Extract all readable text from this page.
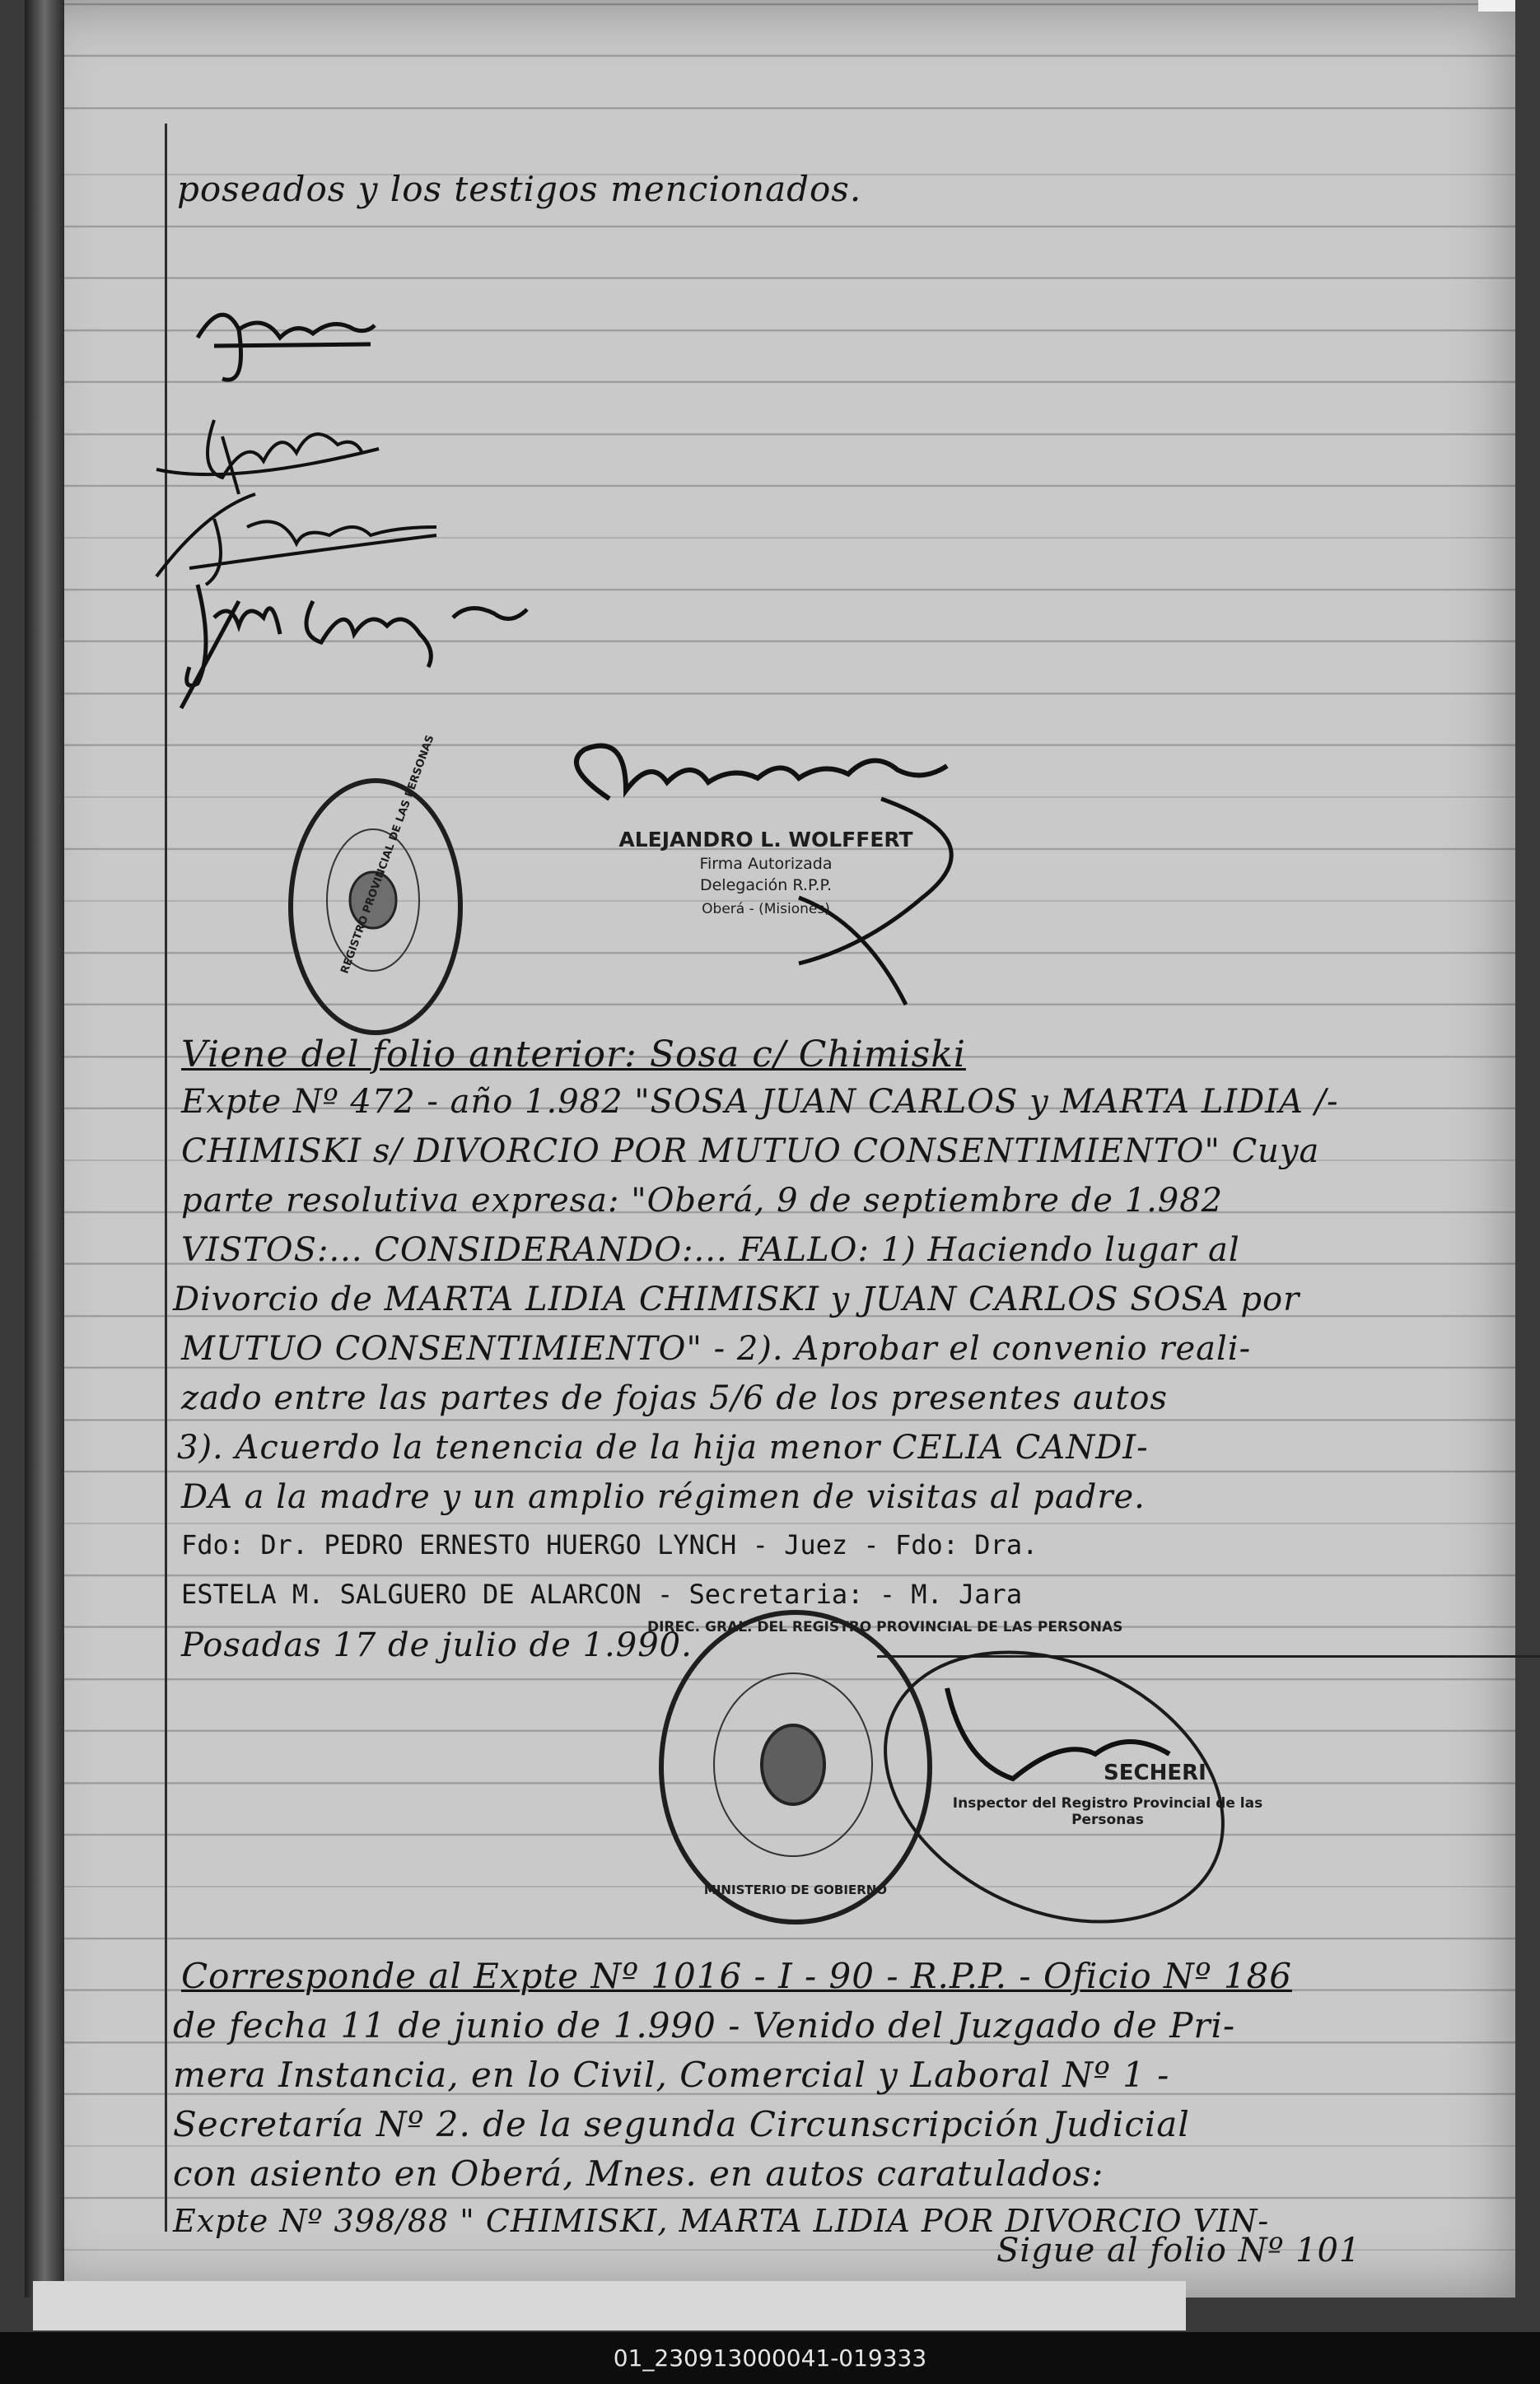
poseados y los testigos mencionados.
REGISTRO PROVINCIAL DE LAS PERSONAS	ALEJANDRO L. WOLFFERT
Firma Autorizada
Delegación R.P.P.
Oberá - (Misiones)
Viene del folio anterior: Sosa c/ Chimiski
Expte Nº 472 - año 1.982 "SOSA JUAN CARLOS y MARTA LIDIA /-
CHIMISKI s/ DIVORCIO POR MUTUO CONSENTIMIENTO" Cuya
parte resolutiva expresa: "Oberá, 9 de septiembre de 1.982
VISTOS:... CONSIDERANDO:... FALLO: 1) Haciendo lugar al
Divorcio de MARTA LIDIA CHIMISKI y JUAN CARLOS SOSA por
MUTUO CONSENTIMIENTO" - 2). Aprobar el convenio reali-
zado entre las partes de fojas 5/6 de los presentes autos
3). Acuerdo la tenencia de la hija menor CELIA CANDI-
DA a la madre y un amplio régimen de visitas al padre.
Fdo: Dr. PEDRO ERNESTO HUERGO LYNCH - Juez - Fdo: Dra.
ESTELA M. SALGUERO DE ALARCON - Secretaria: - M. Jara
Posadas 17 de julio de 1.990.
DIREC. GRAL. DEL REGISTRO PROVINCIAL DE LAS PERSONAS
MINISTERIO DE GOBIERNO
SECHERI
Inspector del Registro Provincial de las Personas
Corresponde al Expte Nº 1016 - I - 90 - R.P.P. - Oficio Nº 186
de fecha 11 de junio de 1.990 - Venido del Juzgado de Pri-
mera Instancia, en lo Civil, Comercial y Laboral Nº 1 -
Secretaría Nº 2. de la segunda Circunscripción Judicial
con asiento en Oberá, Mnes. en autos caratulados:
Expte Nº 398/88 " CHIMISKI, MARTA LIDIA POR DIVORCIO VIN-
Sigue al folio Nº 101
01_230913000041-019333
